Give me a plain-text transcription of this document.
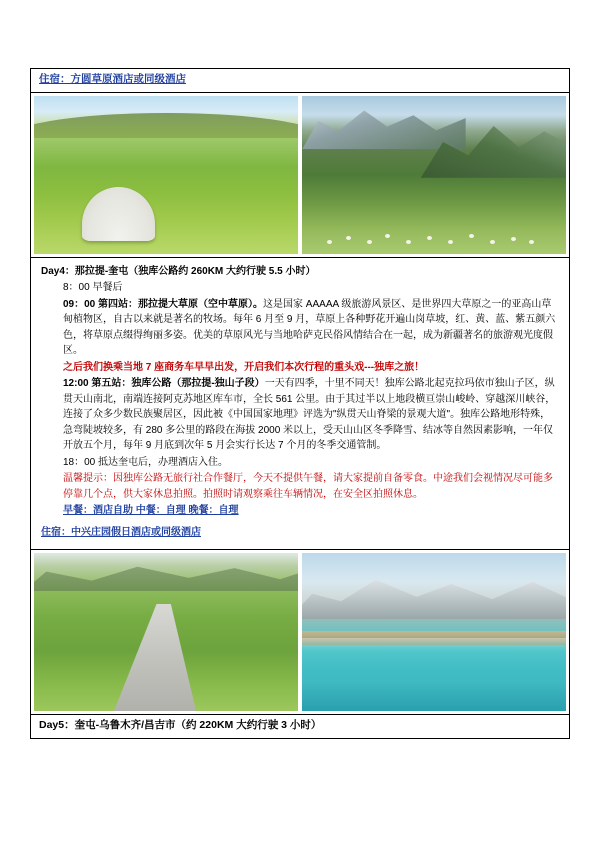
住宿：方圆草原酒店或同级酒店

Day4：那拉提-奎屯（独库公路约 260KM 大约行驶 5.5 小时）

8：00 早餐后

09：00 第四站：那拉提大草原（空中草原）。这是国家 AAAAA 级旅游风景区、是世界四大草原之一的亚高山草甸植物区，自古以来就是著名的牧场。每年 6 月至 9 月，草原上各种野花开遍山岗草坡，红、黄、蓝、紫五颜六色，将草原点缀得绚丽多姿。优美的草原风光与当地哈萨克民俗风情结合在一起，成为新疆著名的旅游观光度假区。

之后我们换乘当地 7 座商务车早早出发，开启我们本次行程的重头戏---独库之旅！

12:00 第五站：独库公路（那拉提-独山子段）一天有四季，十里不同天！独库公路北起克拉玛依市独山子区，纵贯天山南北，南端连接阿克苏地区库车市，全长 561 公里。由于其过半以上地段横亘崇山峻岭、穿越深川峡谷，连接了众多少数民族聚居区，因此被《中国国家地理》评选为"纵贯天山脊梁的景观大道"。独库公路地形特殊，急弯陡坡较多，有 280 多公里的路段在海拔 2000 米以上，受天山山区冬季降雪、结冰等自然因素影响，一年仅开放五个月，每年 9 月底到次年 5 月会实行长达 7 个月的冬季交通管制。

18：00 抵达奎屯后，办理酒店入住。

温馨提示：因独库公路无旅行社合作餐厅，今天不提供午餐，请大家提前自备零食。中途我们会视情况尽可能多停靠几个点，供大家休息拍照。拍照时请观察乘往车辆情况，在安全区拍照休息。

早餐：酒店自助 中餐：自理 晚餐：自理

住宿：中兴庄园假日酒店或同级酒店

Day5：奎屯-乌鲁木齐/昌吉市（约 220KM 大约行驶 3 小时）
